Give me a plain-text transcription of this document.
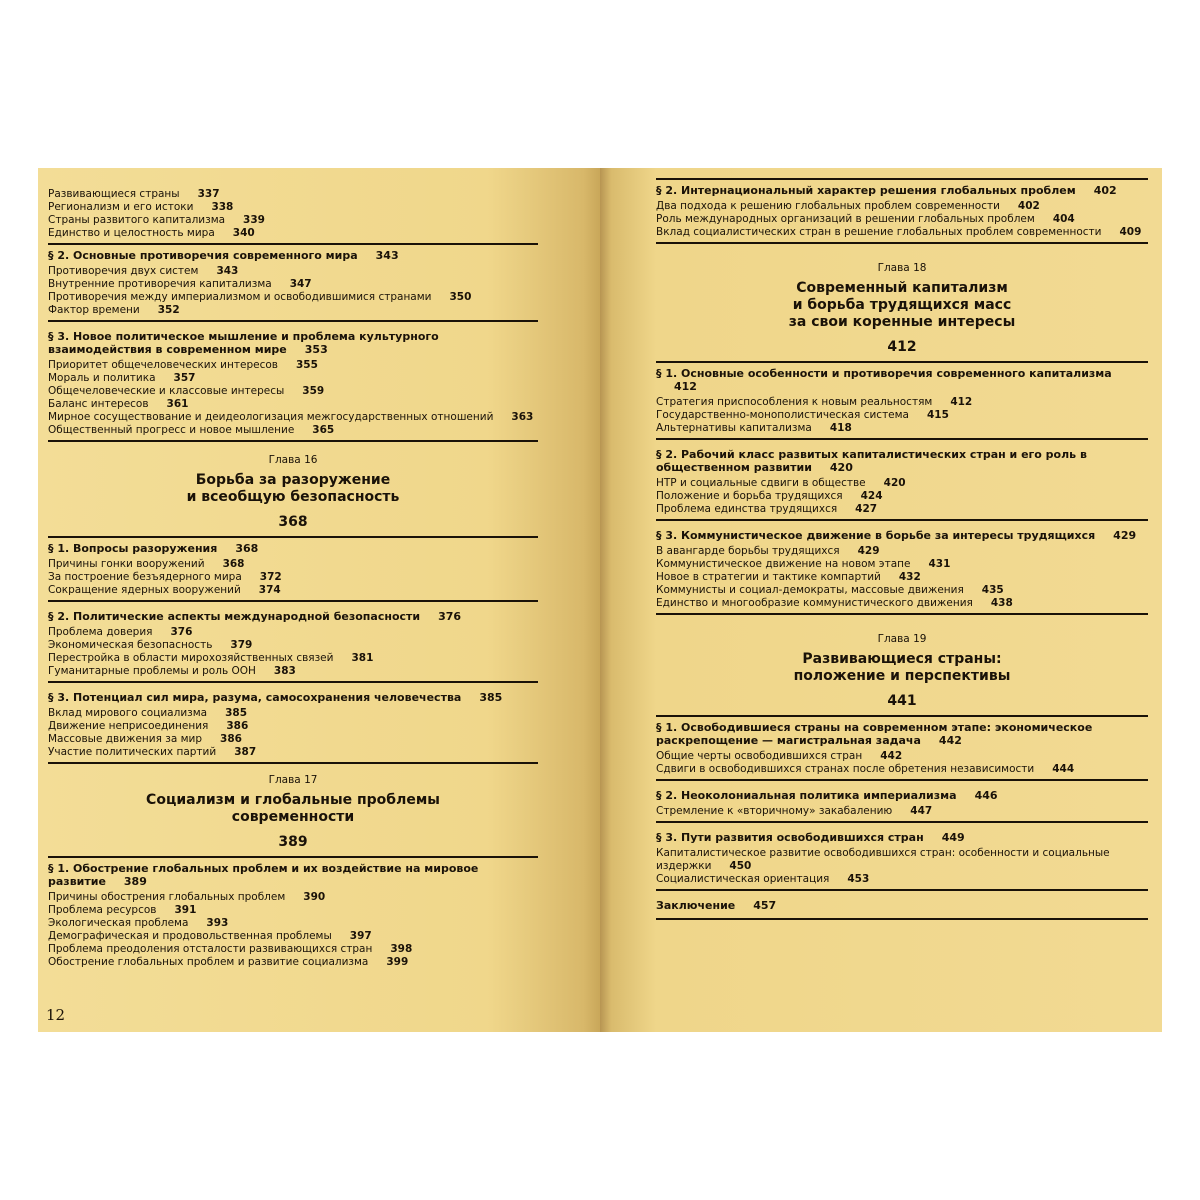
Развивающиеся страны 337
Регионализм и его истоки 338
Страны развитого капитализма 339
Единство и целостность мира 340
§ 2. Основные противоречия современного мира 343
Противоречия двух систем 343
Внутренние противоречия капитализма 347
Противоречия между империализмом и освободившимися странами 350
Фактор времени 352
§ 3. Новое политическое мышление и проблема культурного взаимодействия в современном мире 353
Приоритет общечеловеческих интересов 355
Мораль и политика 357
Общечеловеческие и классовые интересы 359
Баланс интересов 361
Мирное сосуществование и деидеологизация межгосударственных отношений 363
Общественный прогресс и новое мышление 365
Глава 16
Борьба за разоружение
и всеобщую безопасность
368
§ 1. Вопросы разоружения 368
Причины гонки вооружений 368
За построение безъядерного мира 372
Сокращение ядерных вооружений 374
§ 2. Политические аспекты международной безопасности 376
Проблема доверия 376
Экономическая безопасность 379
Перестройка в области мирохозяйственных связей 381
Гуманитарные проблемы и роль ООН 383
§ 3. Потенциал сил мира, разума, самосохранения человечества 385
Вклад мирового социализма 385
Движение неприсоединения 386
Массовые движения за мир 386
Участие политических партий 387
Глава 17
Социализм и глобальные проблемы
современности
389
§ 1. Обострение глобальных проблем и их воздействие на мировое развитие 389
Причины обострения глобальных проблем 390
Проблема ресурсов 391
Экологическая проблема 393
Демографическая и продовольственная проблемы 397
Проблема преодоления отсталости развивающихся стран 398
Обострение глобальных проблем и развитие социализма 399
12
§ 2. Интернациональный характер решения глобальных проблем 402
Два подхода к решению глобальных проблем современности 402
Роль международных организаций в решении глобальных проблем 404
Вклад социалистических стран в решение глобальных проблем современности 409
Глава 18
Современный капитализм
и борьба трудящихся масс
за свои коренные интересы
412
§ 1. Основные особенности и противоречия современного капитализма412
Стратегия приспособления к новым реальностям 412
Государственно-монополистическая система 415
Альтернативы капитализма 418
§ 2. Рабочий класс развитых капиталистических стран и его роль в общественном развитии 420
НТР и социальные сдвиги в обществе 420
Положение и борьба трудящихся 424
Проблема единства трудящихся 427
§ 3. Коммунистическое движение в борьбе за интересы трудящихся 429
В авангарде борьбы трудящихся 429
Коммунистическое движение на новом этапе 431
Новое в стратегии и тактике компартий 432
Коммунисты и социал-демократы, массовые движения 435
Единство и многообразие коммунистического движения 438
Глава 19
Развивающиеся страны:
положение и перспективы
441
§ 1. Освободившиеся страны на современном этапе: экономическое раскрепощение — магистральная задача 442
Общие черты освободившихся стран 442
Сдвиги в освободившихся странах после обретения независимости 444
§ 2. Неоколониальная политика империализма 446
Стремление к «вторичному» закабалению 447
§ 3. Пути развития освободившихся стран 449
Капиталистическое развитие освободившихся стран: особенности и социальные издержки 450
Социалистическая ориентация 453
Заключение 457
